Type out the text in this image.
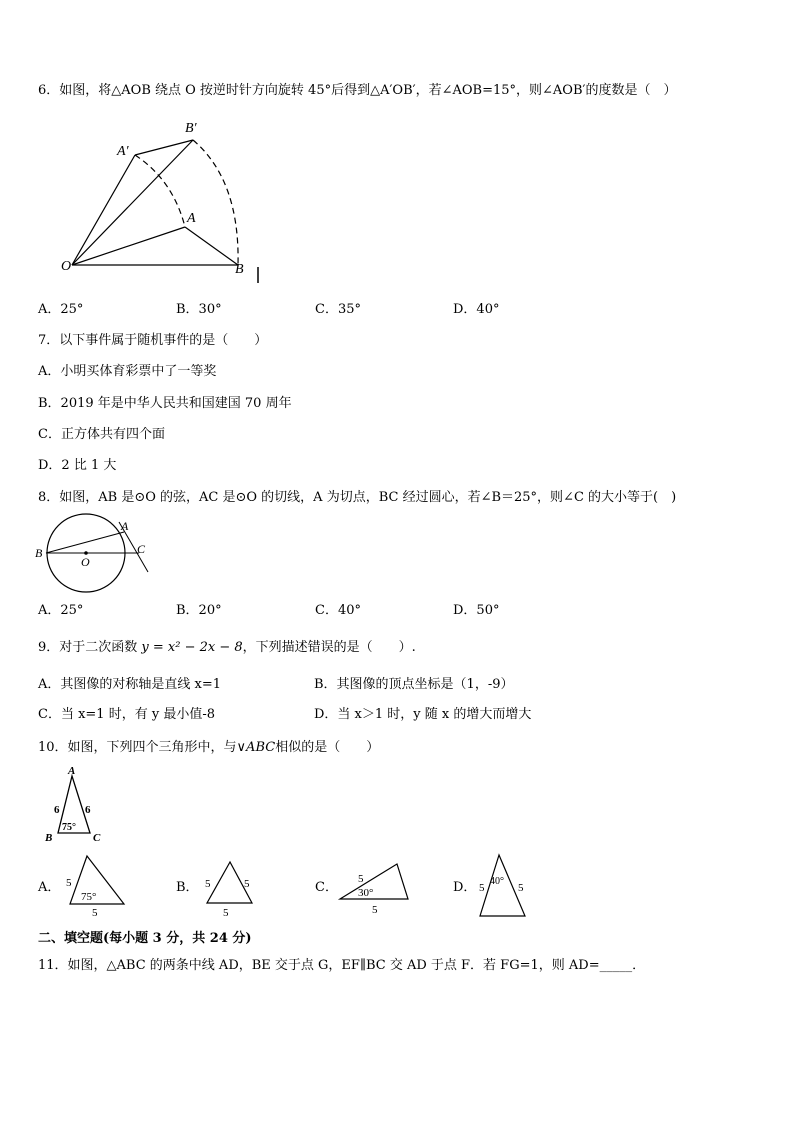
6．如图，将△AOB 绕点 O 按逆时针方向旋转 45°后得到△A′OB′，若∠AOB=15°，则∠AOB′的度数是（　）
A′
B′
A
O	B
A．25°	B．30°	C．35°	D．40°
7．以下事件属于随机事件的是（　　）
A．小明买体育彩票中了一等奖
B．2019 年是中华人民共和国建国 70 周年
C．正方体共有四个面
D．2 比 1 大
8．如图，AB 是⊙O 的弦，AC 是⊙O 的切线，A 为切点，BC 经过圆心，若∠B＝25°，则∠C 的大小等于(　)
B
A
O
C
A．25°	B．20°	C．40°	D．50°
9．对于二次函数 y = x² − 2x − 8，下列描述错误的是（　　）.
A．其图像的对称轴是直线 x=1	B．其图像的顶点坐标是（1，-9）
C．当 x=1 时，有 y 最小值-8	D．当 x＞1 时，y 随 x 的增大而增大
10．如图，下列四个三角形中，与∨ABC相似的是（　　）
A
B	C
6 6
75°
A． 5
5
75°
B． 5	5
5
C．
5
5
30°	D． 5	5
40°
二、填空题(每小题 3 分，共 24 分)
11．如图，△ABC 的两条中线 AD，BE 交于点 G，EF∥BC 交 AD 于点 F．若 FG=1，则 AD=_____．
